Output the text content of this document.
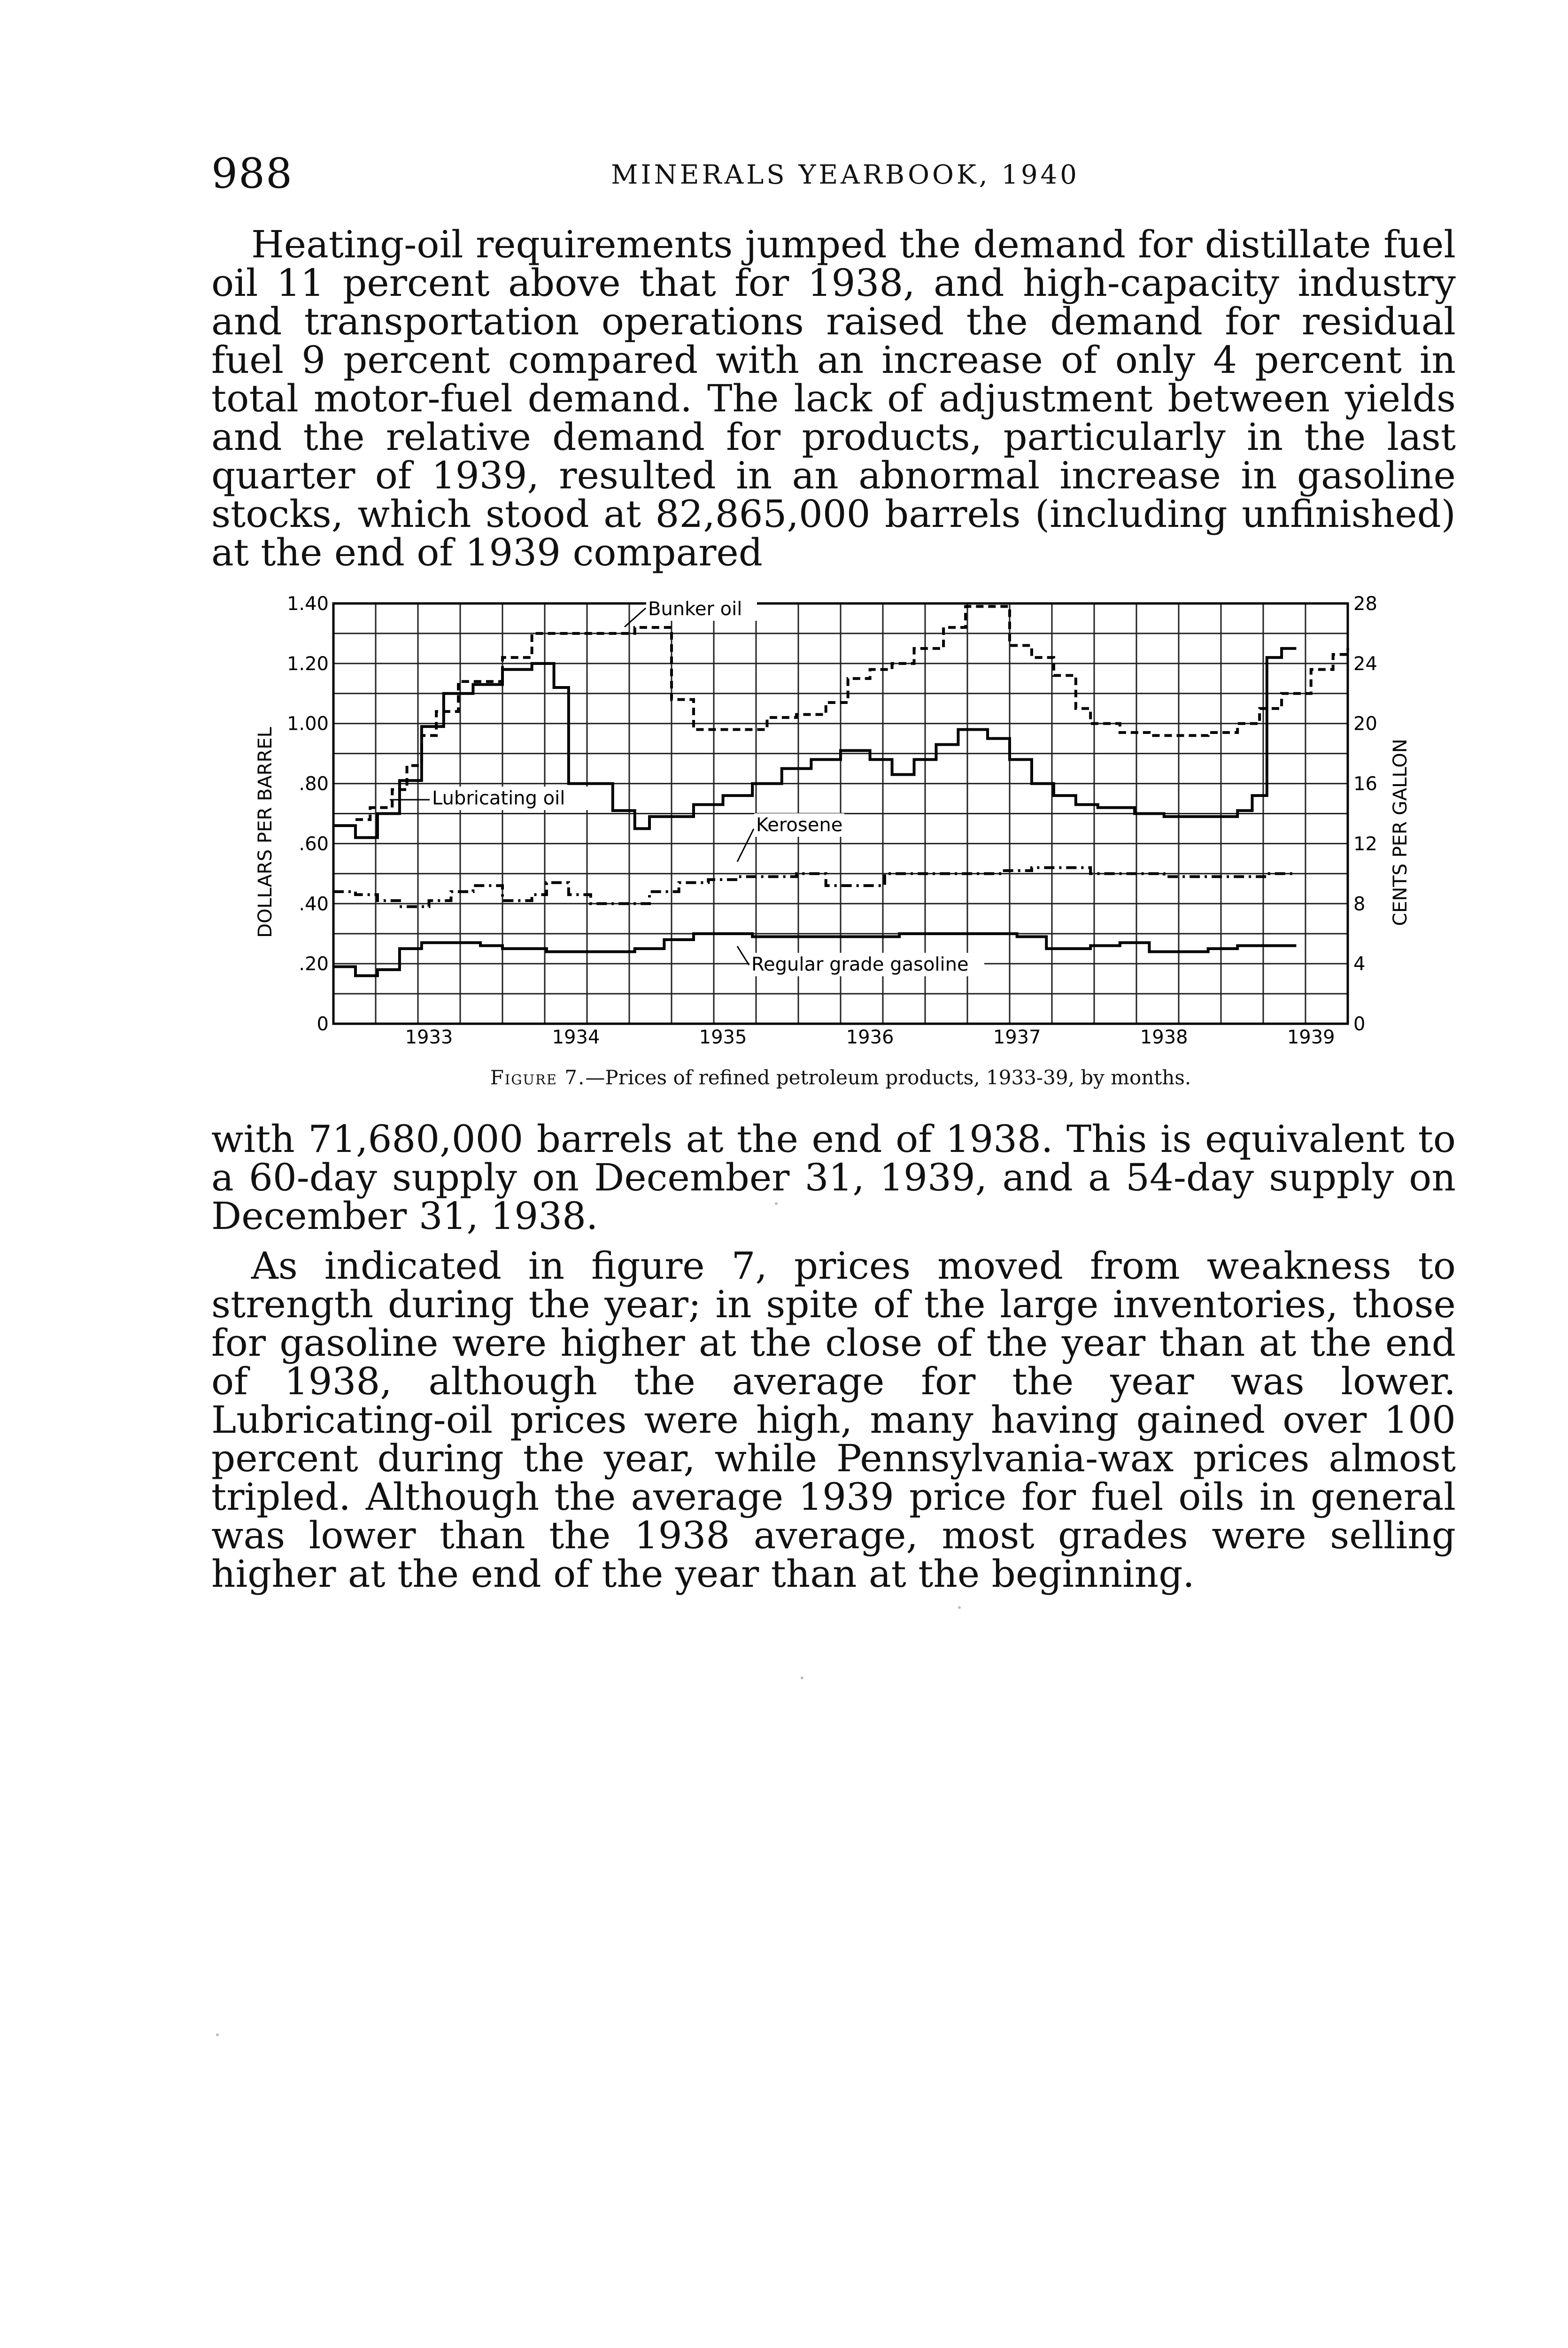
988	MINERALS YEARBOOK, 1940

Heating-oil requirements jumped the demand for distillate fuel oil 11 percent above that for 1938, and high-capacity industry and transportation operations raised the demand for residual fuel 9 percent compared with an increase of only 4 percent in total motor-fuel demand. The lack of adjustment between yields and the relative demand for products, particularly in the last quarter of 1939, resulted in an abnormal increase in gasoline stocks, which stood at 82,865,000 barrels (including unfinished) at the end of 1939 compared

0
.20
.40
.60
.80
1.00
1.20
1.40
0
4
8
12
16
20
24
28
1933	1934	1935	1936	1937	1938	1939
DOLLARS PER BARREL	CENTS PER GALLON
Bunker oil
Lubricating oil
Kerosene
Regular grade gasoline
Figure 7.—Prices of refined petroleum products, 1933-39, by months.

with 71,680,000 barrels at the end of 1938. This is equivalent to a 60-day supply on December 31, 1939, and a 54-day supply on December 31, 1938.

As indicated in figure 7, prices moved from weakness to strength during the year; in spite of the large inventories, those for gasoline were higher at the close of the year than at the end of 1938, although the average for the year was lower. Lubricating-oil prices were high, many having gained over 100 percent during the year, while Pennsylvania-wax prices almost tripled. Although the average 1939 price for fuel oils in general was lower than the 1938 average, most grades were selling higher at the end of the year than at the beginning.
